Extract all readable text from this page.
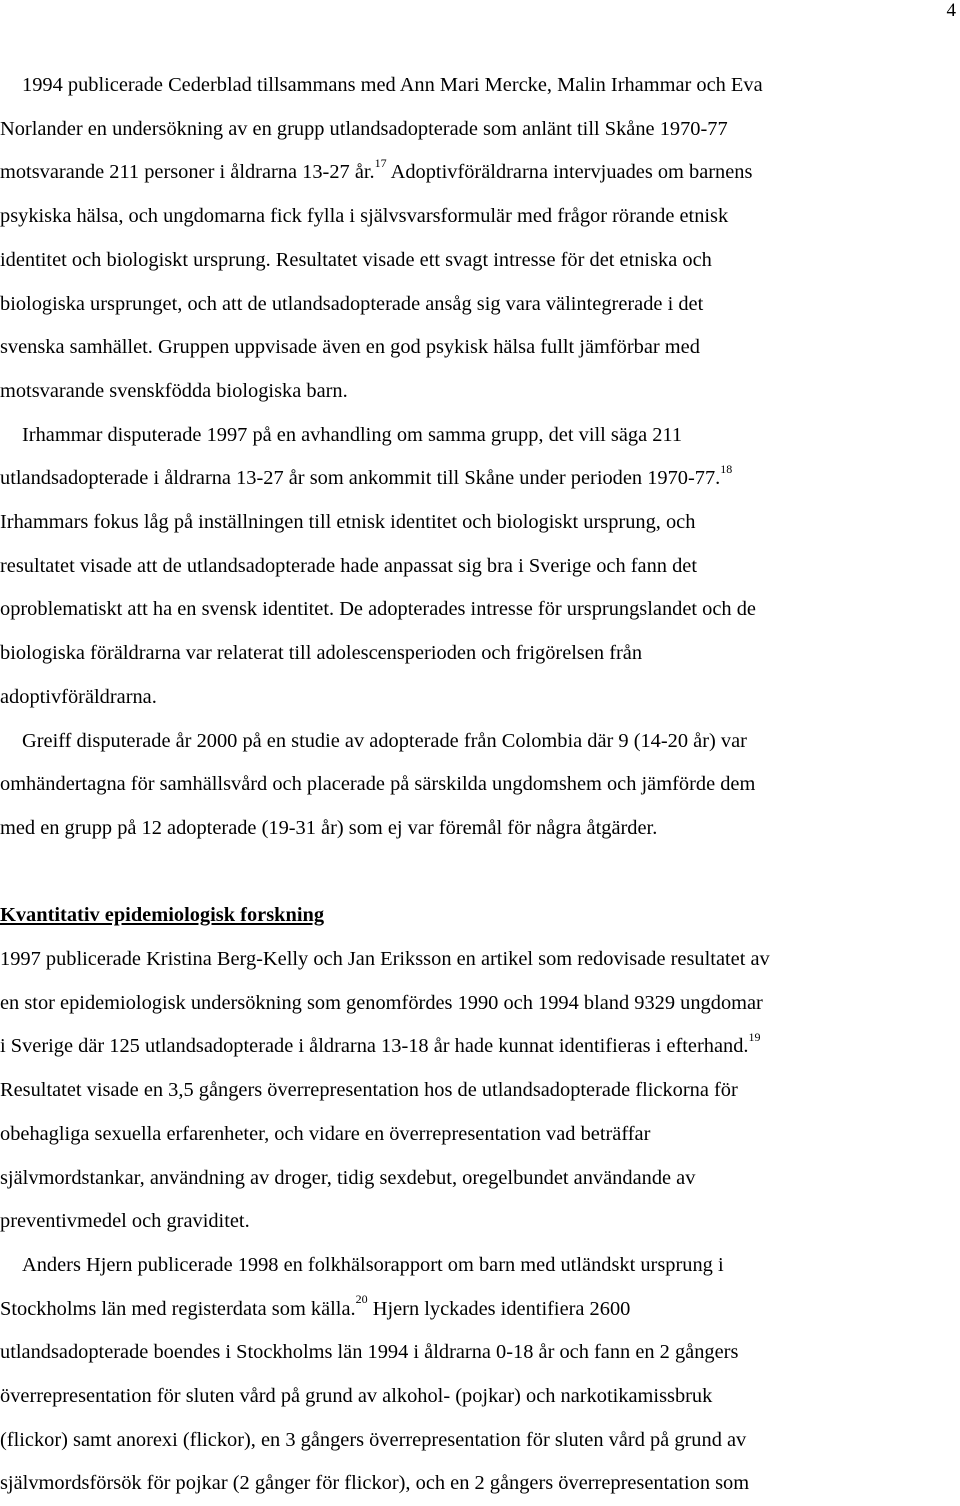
4

1994 publicerade Cederblad tillsammans med Ann Mari Mercke, Malin Irhammar och Eva
Norlander en undersökning av en grupp utlandsadopterade som anlänt till Skåne 1970-77
motsvarande 211 personer i åldrarna 13-27 år.$^{17}$ Adoptivföräldrarna intervjuades om barnens
psykiska hälsa, och ungdomarna fick fylla i självsvarsformulär med frågor rörande etnisk
identitet och biologiskt ursprung. Resultatet visade ett svagt intresse för det etniska och
biologiska ursprunget, och att de utlandsadopterade ansåg sig vara välintegrerade i det
svenska samhället. Gruppen uppvisade även en god psykisk hälsa fullt jämförbar med
motsvarande svenskfödda biologiska barn.

Irhammar disputerade 1997 på en avhandling om samma grupp, det vill säga 211
utlandsadopterade i åldrarna 13-27 år som ankommit till Skåne under perioden 1970-77.18
Irhammars fokus låg på inställningen till etnisk identitet och biologiskt ursprung, och
resultatet visade att de utlandsadopterade hade anpassat sig bra i Sverige och fann det
oproblematiskt att ha en svensk identitet. De adopterades intresse för ursprungslandet och de
biologiska föräldrarna var relaterat till adolescensperioden och frigörelsen från
adoptivföräldrarna.

Greiff disputerade år 2000 på en studie av adopterade från Colombia där 9 (14-20 år) var
omhändertagna för samhällsvård och placerade på särskilda ungdomshem och jämförde dem
med en grupp på 12 adopterade (19-31 år) som ej var föremål för några åtgärder.

Kvantitativ epidemiologisk forskning

1997 publicerade Kristina Berg-Kelly och Jan Eriksson en artikel som redovisade resultatet av
en stor epidemiologisk undersökning som genomfördes 1990 och 1994 bland 9329 ungdomar
i Sverige där 125 utlandsadopterade i åldrarna 13-18 år hade kunnat identifieras i efterhand.$^{19}$
Resultatet visade en 3,5 gångers överrepresentation hos de utlandsadopterade flickorna för
obehagliga sexuella erfarenheter, och vidare en överrepresentation vad beträffar
självmordstankar, användning av droger, tidig sexdebut, oregelbundet användande av
preventivmedel och graviditet.

Anders Hjern publicerade 1998 en folkhälsorapport om barn med utländskt ursprung i
Stockholms län med registerdata som källa.$^{20}$ Hjern lyckades identifiera 2600
utlandsadopterade boendes i Stockholms län 1994 i åldrarna 0-18 år och fann en 2 gångers
överrepresentation för sluten vård på grund av alkohol- (pojkar) och narkotikamissbruk
(flickor) samt anorexi (flickor), en 3 gångers överrepresentation för sluten vård på grund av
självmordsförsök för pojkar (2 gånger för flickor), och en 2 gångers överrepresentation som
